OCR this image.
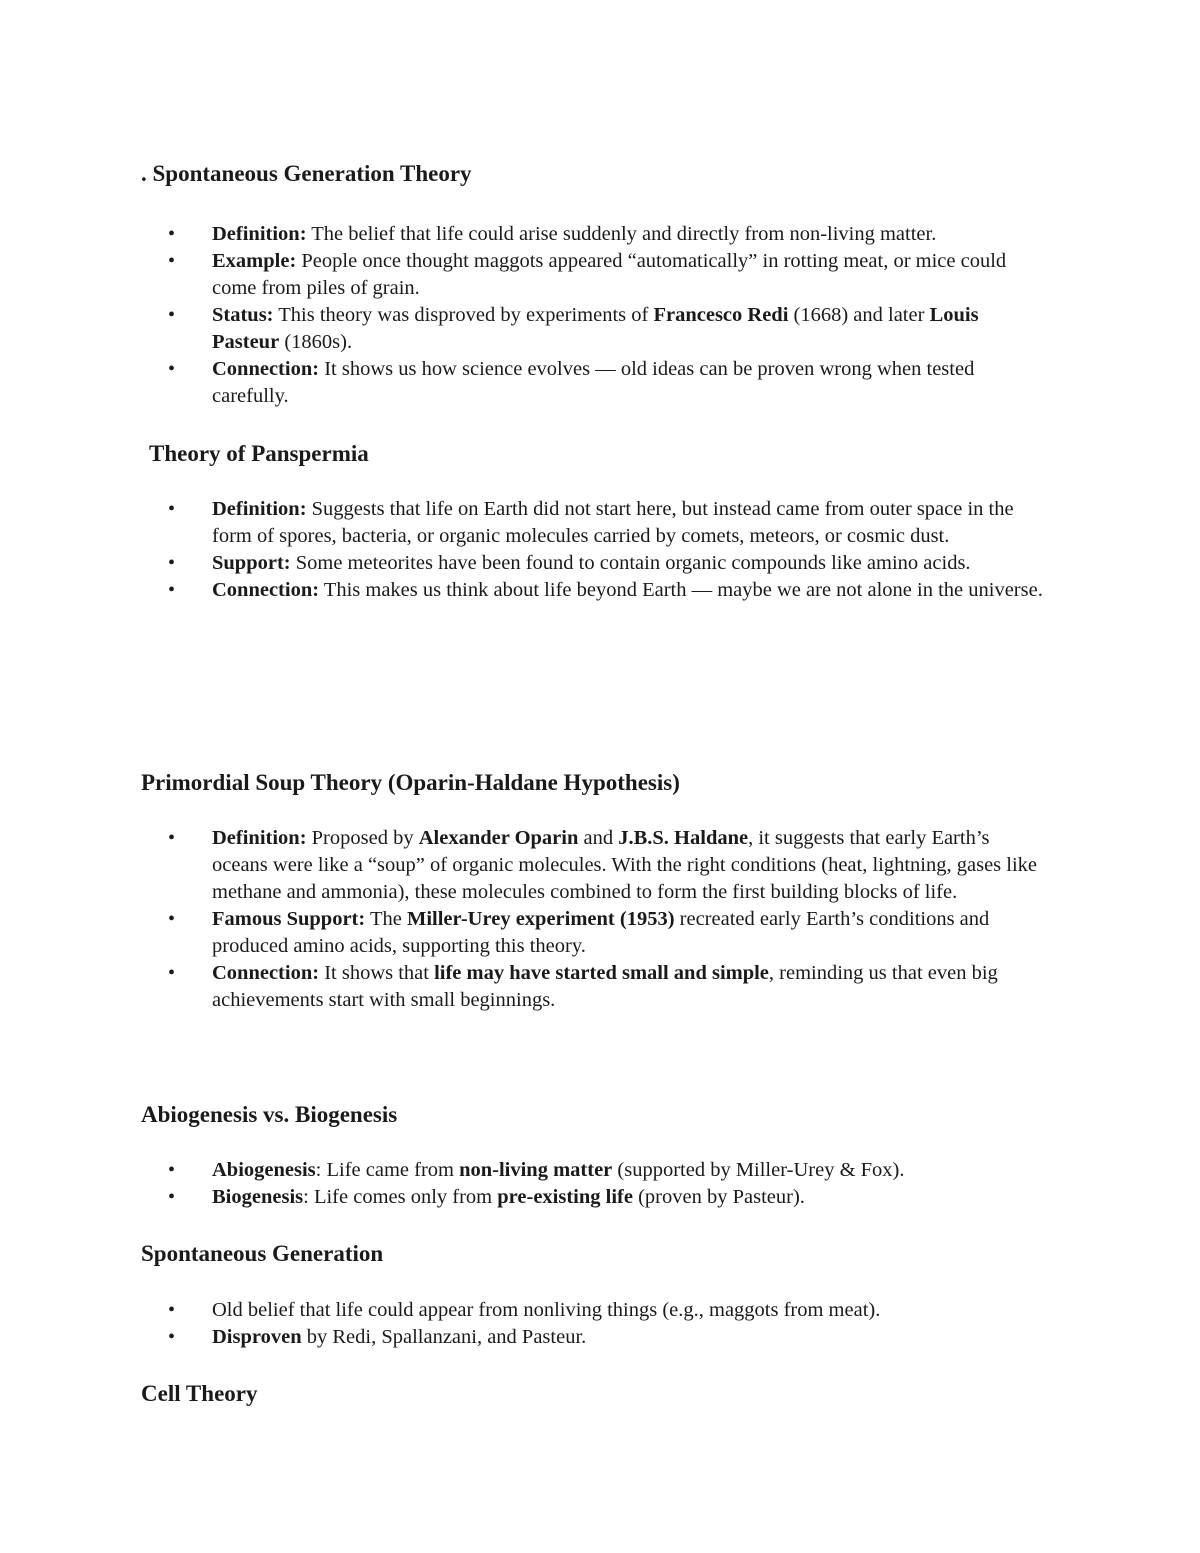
. Spontaneous Generation Theory
• Definition: The belief that life could arise suddenly and directly from non-living matter.
• Example: People once thought maggots appeared “automatically” in rotting meat, or mice could come from piles of grain.
• Status: This theory was disproved by experiments of Francesco Redi (1668) and later Louis Pasteur (1860s).
• Connection: It shows us how science evolves — old ideas can be proven wrong when tested carefully.
Theory of Panspermia
• Definition: Suggests that life on Earth did not start here, but instead came from outer space in the form of spores, bacteria, or organic molecules carried by comets, meteors, or cosmic dust.
• Support: Some meteorites have been found to contain organic compounds like amino acids.
• Connection: This makes us think about life beyond Earth — maybe we are not alone in the universe.
Primordial Soup Theory (Oparin-Haldane Hypothesis)
• Definition: Proposed by Alexander Oparin and J.B.S. Haldane, it suggests that early Earth’s oceans were like a “soup” of organic molecules. With the right conditions (heat, lightning, gases like methane and ammonia), these molecules combined to form the first building blocks of life.
• Famous Support: The Miller-Urey experiment (1953) recreated early Earth’s conditions and produced amino acids, supporting this theory.
• Connection: It shows that life may have started small and simple, reminding us that even big achievements start with small beginnings.
Abiogenesis vs. Biogenesis
• Abiogenesis: Life came from non-living matter (supported by Miller-Urey & Fox).
• Biogenesis: Life comes only from pre-existing life (proven by Pasteur).
Spontaneous Generation
• Old belief that life could appear from nonliving things (e.g., maggots from meat).
• Disproven by Redi, Spallanzani, and Pasteur.
Cell Theory
